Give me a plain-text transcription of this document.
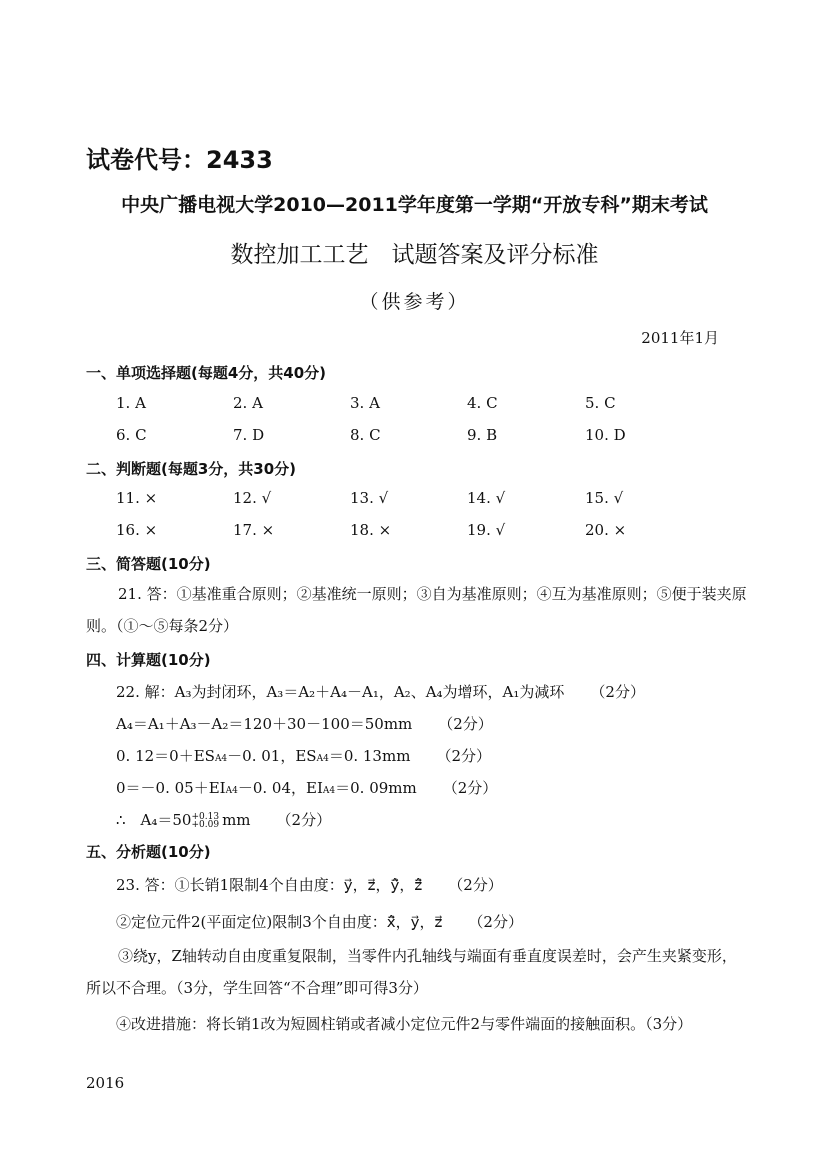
试卷代号：2433
中央广播电视大学2010—2011学年度第一学期“开放专科”期末考试
数控加工工艺　试题答案及评分标准
（供参考）
2011年1月
一、单项选择题(每题4分，共40分)
1. A	2. A	3. A	4. C	5. C
6. C	7. D	8. C	9. B	10. D
二、判断题(每题3分，共30分)
11. ×	12. √	13. √	14. √	15. √
16. ×	17. ×	18. ×	19. √	20. ×
三、简答题(10分)
21. 答：①基准重合原则；②基准统一原则；③自为基准原则；④互为基准原则；⑤便于装夹原则。（①～⑤每条2分）
四、计算题(10分)
22. 解：A₃为封闭环，A₃＝A₂＋A₄－A₁，A₂、A₄为增环，A₁为减环 （2分）
A₄＝A₁＋A₃－A₂＝120＋30－100＝50mm （2分）
0. 12＝0＋ESA4－0. 01，ESA4＝0. 13mm （2分）
0＝－0. 05＋EIA4－0. 04，EIA4＝0. 09mm （2分）
∴　A₄＝50+0.13
+0.09 mm （2分）
五、分析题(10分)
23. 答：①长销1限制4个自由度：y⃗，z⃗，y⃗̂，z⃗̂ （2分）
②定位元件2(平面定位)限制3个自由度：x⃗̂，y⃗，z⃗ （2分）
③绕y，Z轴转动自由度重复限制，当零件内孔轴线与端面有垂直度误差时，会产生夹紧变形，所以不合理。（3分，学生回答“不合理”即可得3分）
④改进措施：将长销1改为短圆柱销或者减小定位元件2与零件端面的接触面积。（3分）
2016
